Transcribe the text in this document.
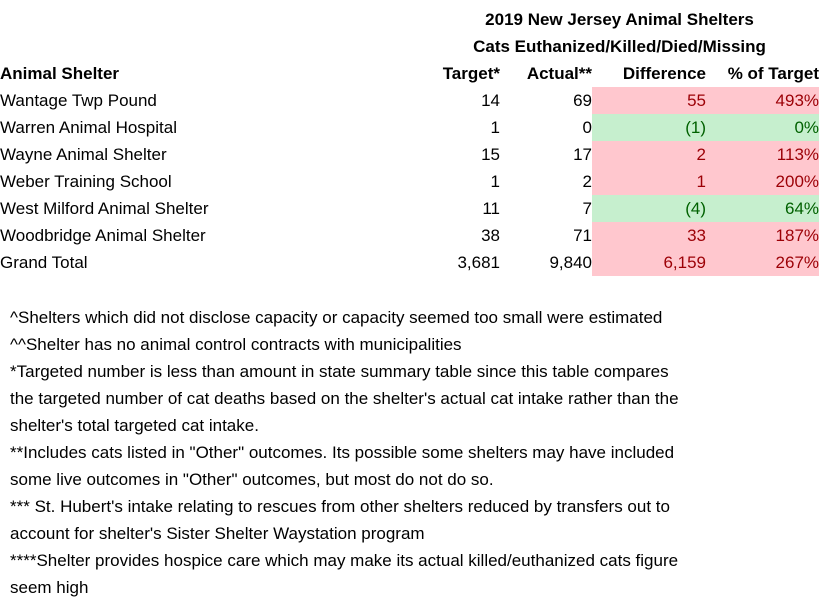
	2019 New Jersey Animal Shelters			
	Cats Euthanized/Killed/Died/Missing			
Animal Shelter	Target*	Actual**	Difference	% of Target
Wantage Twp Pound	14	69	55	493%
Warren Animal Hospital	1	0	(1)	0%
Wayne Animal Shelter	15	17	2	113%
Weber Training School	1	2	1	200%
West Milford Animal Shelter	11	7	(4)	64%
Woodbridge Animal Shelter	38	71	33	187%
Grand Total	3,681	9,840	6,159	267%
^Shelters which did not disclose capacity or capacity seemed too small were estimated
^^Shelter has no animal control contracts with municipalities
*Targeted number is less than amount in state summary table since this table compares
the targeted number of cat deaths based on the shelter's actual cat intake rather than the
shelter's total targeted cat intake.
**Includes cats listed in "Other" outcomes. Its possible some shelters may have included
some live outcomes in "Other" outcomes, but most do not do so.
*** St. Hubert's intake relating to rescues from other shelters reduced by transfers out to
account for shelter's Sister Shelter Waystation program
****Shelter provides hospice care which may make its actual killed/euthanized cats figure
seem high
